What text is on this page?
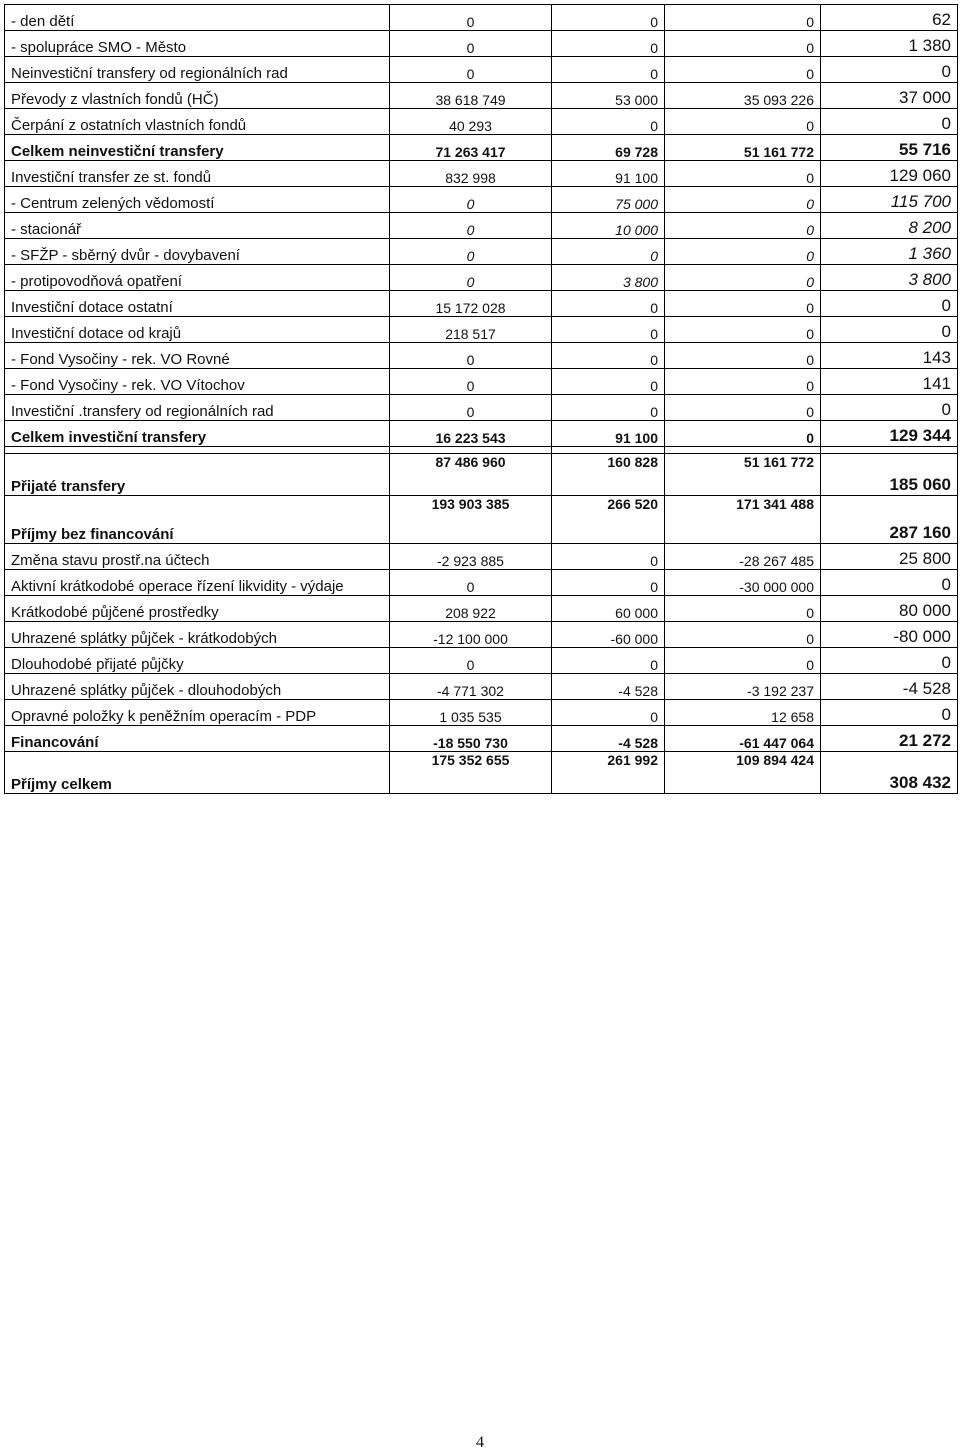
- den dětí	0	0	0	62
- spolupráce SMO - Město	0	0	0	1 380
Neinvestiční transfery od regionálních rad	0	0	0	0
Převody z vlastních fondů (HČ)	38 618 749	53 000	35 093 226	37 000
Čerpání z ostatních vlastních fondů	40 293	0	0	0
Celkem neinvestiční transfery	71 263 417	69 728	51 161 772	55 716
Investiční transfer ze st. fondů	832 998	91 100	0	129 060
- Centrum zelených vědomostí	0	75 000	0	115 700
- stacionář	0	10 000	0	8 200
- SFŽP - sběrný dvůr - dovybavení	0	0	0	1 360
- protipovodňová opatření	0	3 800	0	3 800
Investiční dotace ostatní	15 172 028	0	0	0
Investiční dotace od krajů	218 517	0	0	0
- Fond Vysočiny - rek. VO Rovné	0	0	0	143
- Fond Vysočiny - rek. VO Vítochov	0	0	0	141
Investiční .transfery od regionálních rad	0	0	0	0
Celkem investiční transfery	16 223 543	91 100	0	129 344

Přijaté transfery	87 486 960	160 828	51 161 772	185 060
Příjmy bez financování	193 903 385	266 520	171 341 488	287 160
Změna stavu prostř.na účtech	-2 923 885	0	-28 267 485	25 800
Aktivní krátkodobé operace řízení likvidity - výdaje	0	0	-30 000 000	0
Krátkodobé půjčené prostředky	208 922	60 000	0	80 000
Uhrazené splátky půjček - krátkodobých	-12 100 000	-60 000	0	-80 000
Dlouhodobé přijaté půjčky	0	0	0	0
Uhrazené splátky půjček - dlouhodobých	-4 771 302	-4 528	-3 192 237	-4 528
Opravné položky k peněžním operacím - PDP	1 035 535	0	12 658	0
Financování	-18 550 730	-4 528	-61 447 064	21 272
Příjmy celkem	175 352 655	261 992	109 894 424	308 432
4
